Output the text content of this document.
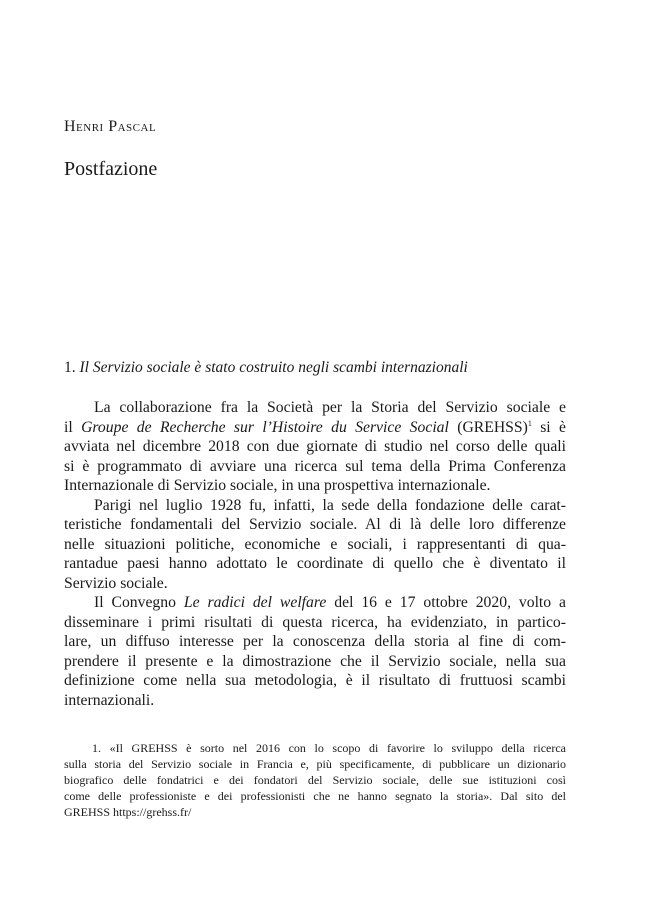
Henri Pascal
Postfazione
1. Il Servizio sociale è stato costruito negli scambi internazionali
La collaborazione fra la Società per la Storia del Servizio sociale e
il Groupe de Recherche sur l’Histoire du Service Social (GREHSS)$^1$ si è
avviata nel dicembre 2018 con due giornate di studio nel corso delle quali
si è programmato di avviare una ricerca sul tema della Prima Conferenza
Internazionale di Servizio sociale, in una prospettiva internazionale.
Parigi nel luglio 1928 fu, infatti, la sede della fondazione delle carat-
teristiche fondamentali del Servizio sociale. Al di là delle loro differenze
nelle situazioni politiche, economiche e sociali, i rappresentanti di qua-
rantadue paesi hanno adottato le coordinate di quello che è diventato il
Servizio sociale.
Il Convegno Le radici del welfare del 16 e 17 ottobre 2020, volto a
disseminare i primi risultati di questa ricerca, ha evidenziato, in partico-
lare, un diffuso interesse per la conoscenza della storia al fine di com-
prendere il presente e la dimostrazione che il Servizio sociale, nella sua
definizione come nella sua metodologia, è il risultato di fruttuosi scambi
internazionali.
1. «Il GREHSS è sorto nel 2016 con lo scopo di favorire lo sviluppo della ricerca
sulla storia del Servizio sociale in Francia e, più specificamente, di pubblicare un dizionario
biografico delle fondatrici e dei fondatori del Servizio sociale, delle sue istituzioni così
come delle professioniste e dei professionisti che ne hanno segnato la storia». Dal sito del
GREHSS https://grehss.fr/
